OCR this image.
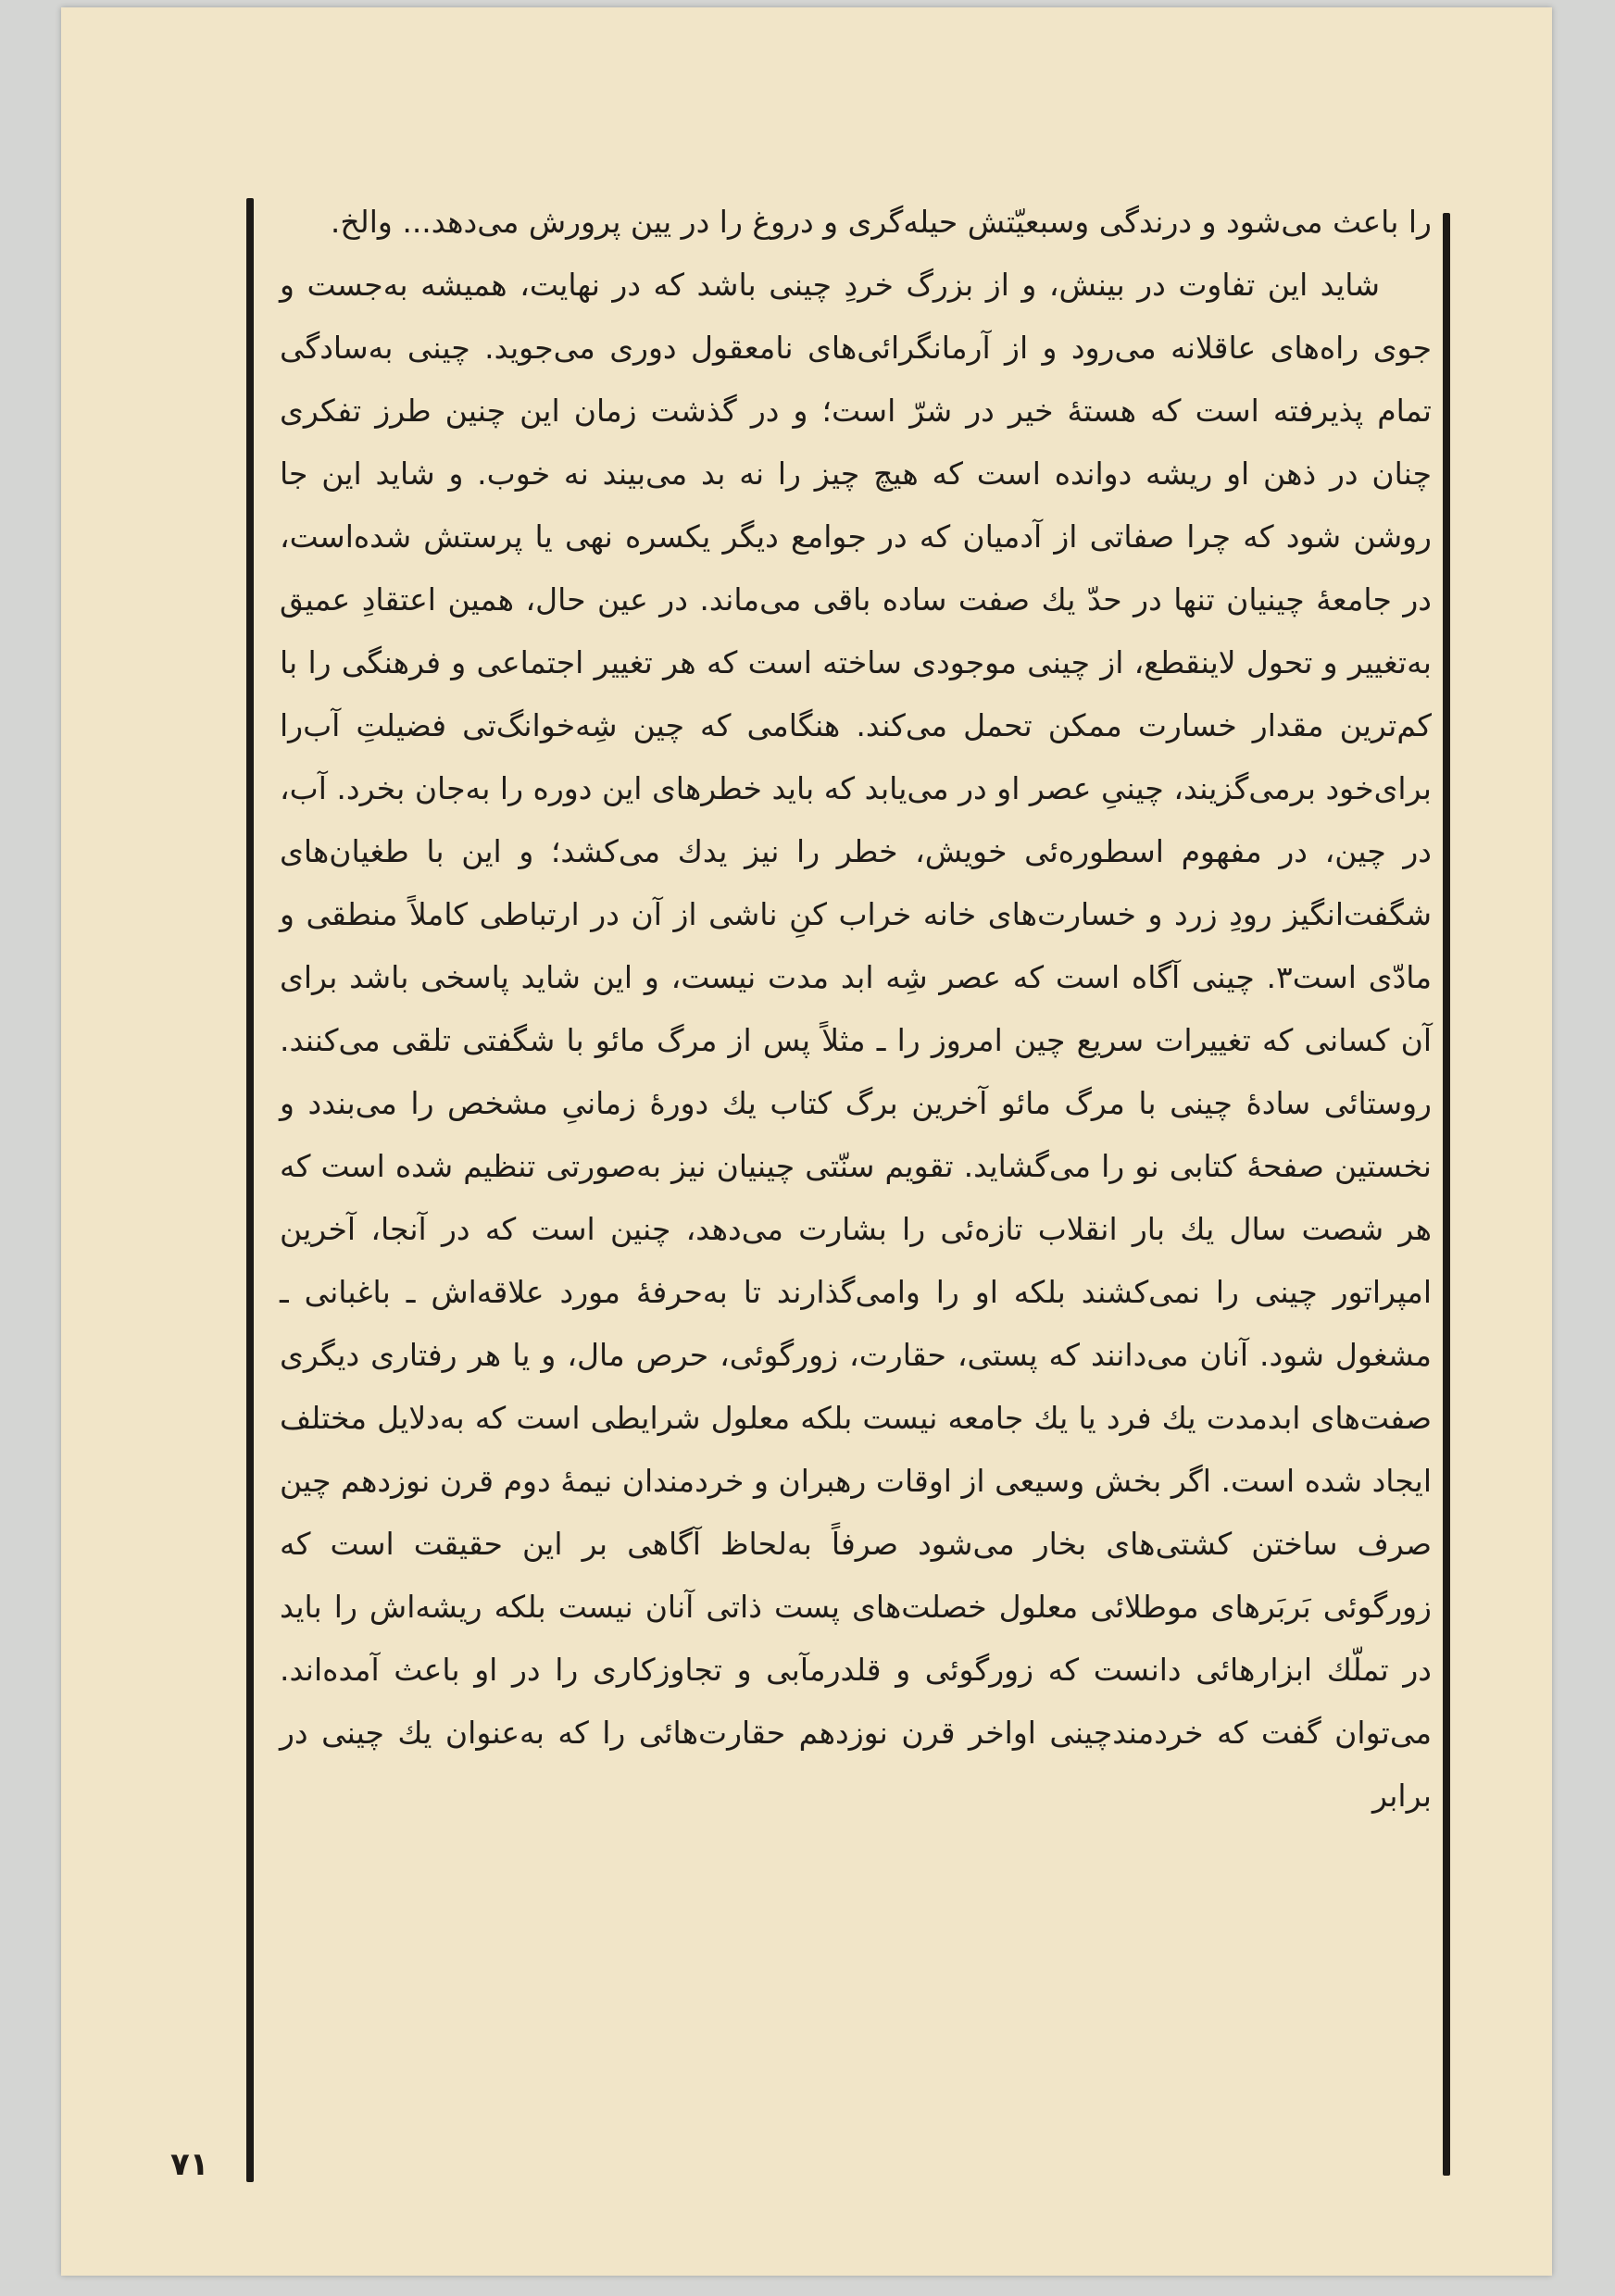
را باعث می‌شود و درندگی وسبعیّتش حیله‌گری و دروغ را در یین پرورش می‌دهد... والخ.

شاید این تفاوت در بینش، و از بزرگ خردِ چینی باشد که در نهایت، همیشه به‌جست و جوی راه‌های عاقلانه می‌رود و از آرمانگرائی‌های نامعقول دوری می‌جوید. چینی به‌سادگی تمام پذیرفته است که هستهٔ خیر در شرّ است؛ و در گذشت زمان این چنین طرز تفکری چنان در ذهن او ریشه دوانده است که هیچ چیز را نه بد می‌بیند نه خوب. و شاید این جا روشن شود که چرا صفاتی از آدمیان که در جوامع دیگر یکسره نهی یا پرستش شده‌است، در جامعهٔ چینیان تنها در حدّ یك صفت ساده باقی می‌ماند. در عین حال، همین اعتقادِ عمیق به‌تغییر و تحول لاینقطع، از چینی موجودی ساخته است که هر تغییر اجتماعی و فرهنگی را با کم‌ترین مقدار خسارت ممکن تحمل می‌کند. هنگامی که چین شِه‌خوانگ‌تی فضیلتِ آب‌را برای‌خود برمی‌گزیند، چینیِ عصر او در می‌یابد که باید خطرهای این دوره را به‌جان بخرد. آب، در چین، در مفهوم اسطوره‌ئی خویش، خطر را نیز یدك می‌کشد؛ و این با طغیان‌های شگفت‌انگیز رودِ زرد و خسارت‌های خانه خراب کنِ ناشی از آن در ارتباطی کاملاً منطقی و مادّی است۳. چینی آگاه است که عصر شِه ابد مدت نیست، و این شاید پاسخی باشد برای آن کسانی که تغییرات سریع چین امروز را ـ مثلاً پس از مرگ مائو با شگفتی تلقی می‌کنند. روستائی سادهٔ چینی با مرگ مائو آخرین برگ کتاب یك دورهٔ زمانیِ مشخص را می‌بندد و نخستین صفحهٔ کتابی نو را می‌گشاید. تقویم سنّتی چینیان نیز به‌صورتی تنظیم شده است که هر شصت سال یك بار انقلاب تازه‌ئی را بشارت می‌دهد، چنین است که در آنجا، آخرین امپراتور چینی را نمی‌کشند بلکه او را وامی‌گذارند تا به‌حرفهٔ مورد علاقه‌اش ـ باغبانی ـ مشغول شود. آنان می‌دانند که پستی، حقارت، زورگوئی، حرص مال، و یا هر رفتاری دیگری صفت‌های ابدمدت یك فرد یا یك جامعه نیست بلکه معلول شرایطی است که به‌دلایل مختلف ایجاد شده است. اگر بخش وسیعی از اوقات رهبران و خردمندان نیمهٔ دوم قرن نوزدهم چین صرف ساختن کشتی‌های بخار می‌شود صرفاً به‌لحاظ آگاهی بر این حقیقت است که زورگوئی بَربَرهای موطلائی معلول خصلت‌های پست ذاتی آنان نیست بلکه ریشه‌اش را باید در تملّك ابزارهائی دانست که زورگوئی و قلدرمآبی و تجاوزکاری را در او باعث آمده‌اند. می‌توان گفت که خردمندچینی اواخر قرن نوزدهم حقارت‌هائی را که به‌عنوان یك چینی در برابر

۷۱
